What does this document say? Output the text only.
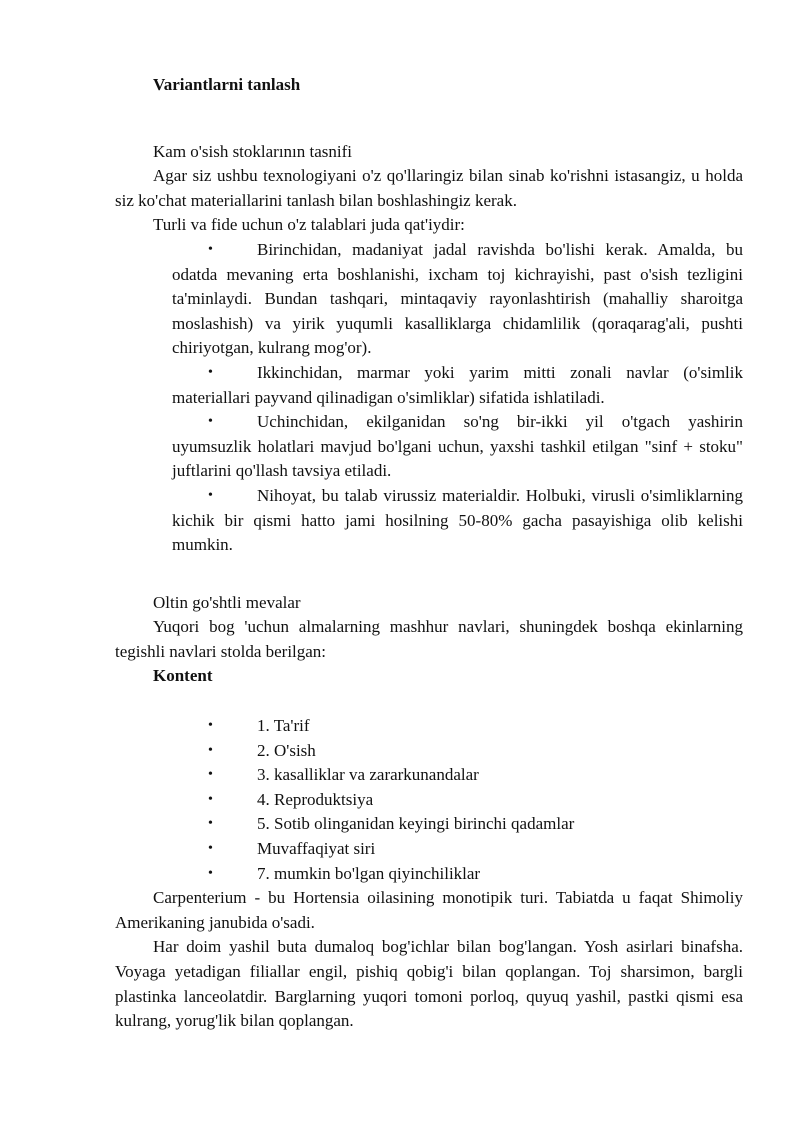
Variantlarni tanlash

Kam o'sish stoklarının tasnifi

Agar siz ushbu texnologiyani o'z qo'llaringiz bilan sinab ko'rishni istasangiz, u holda siz ko'chat materiallarini tanlash bilan boshlashingiz kerak.

Turli va fide uchun o'z talablari juda qat'iydir:

•	Birinchidan, madaniyat jadal ravishda bo'lishi kerak. Amalda, bu odatda mevaning erta boshlanishi, ixcham toj kichrayishi, past o'sish tezligini ta'minlaydi. Bundan tashqari, mintaqaviy rayonlashtirish (mahalliy sharoitga moslashish) va yirik yuqumli kasalliklarga chidamlilik (qoraqarag'ali, pushti chiriyotgan, kulrang mog'or).
•	Ikkinchidan, marmar yoki yarim mitti zonali navlar (o'simlik materiallari payvand qilinadigan o'simliklar) sifatida ishlatiladi.
•	Uchinchidan, ekilganidan so'ng bir-ikki yil o'tgach yashirin uyumsuzlik holatlari mavjud bo'lgani uchun, yaxshi tashkil etilgan "sinf + stoku" juftlarini qo'llash tavsiya etiladi.
•	Nihoyat, bu talab virussiz materialdir. Holbuki, virusli o'simliklarning kichik bir qismi hatto jami hosilning 50-80% gacha pasayishiga olib kelishi mumkin.

Oltin go'shtli mevalar

Yuqori bog 'uchun almalarning mashhur navlari, shuningdek boshqa ekinlarning tegishli navlari stolda berilgan:

Kontent

•	1. Ta'rif
•	2. O'sish
•	3. kasalliklar va zararkunandalar
•	4. Reproduktsiya
•	5. Sotib olinganidan keyingi birinchi qadamlar
•	Muvaffaqiyat siri
•	7. mumkin bo'lgan qiyinchiliklar

Carpenterium - bu Hortensia oilasining monotipik turi. Tabiatda u faqat Shimoliy Amerikaning janubida o'sadi.

Har doim yashil buta dumaloq bog'ichlar bilan bog'langan. Yosh asirlari binafsha. Voyaga yetadigan filiallar engil, pishiq qobig'i bilan qoplangan. Toj sharsimon, bargli plastinka lanceolatdir. Barglarning yuqori tomoni porloq, quyuq yashil, pastki qismi esa kulrang, yorug'lik bilan qoplangan.
